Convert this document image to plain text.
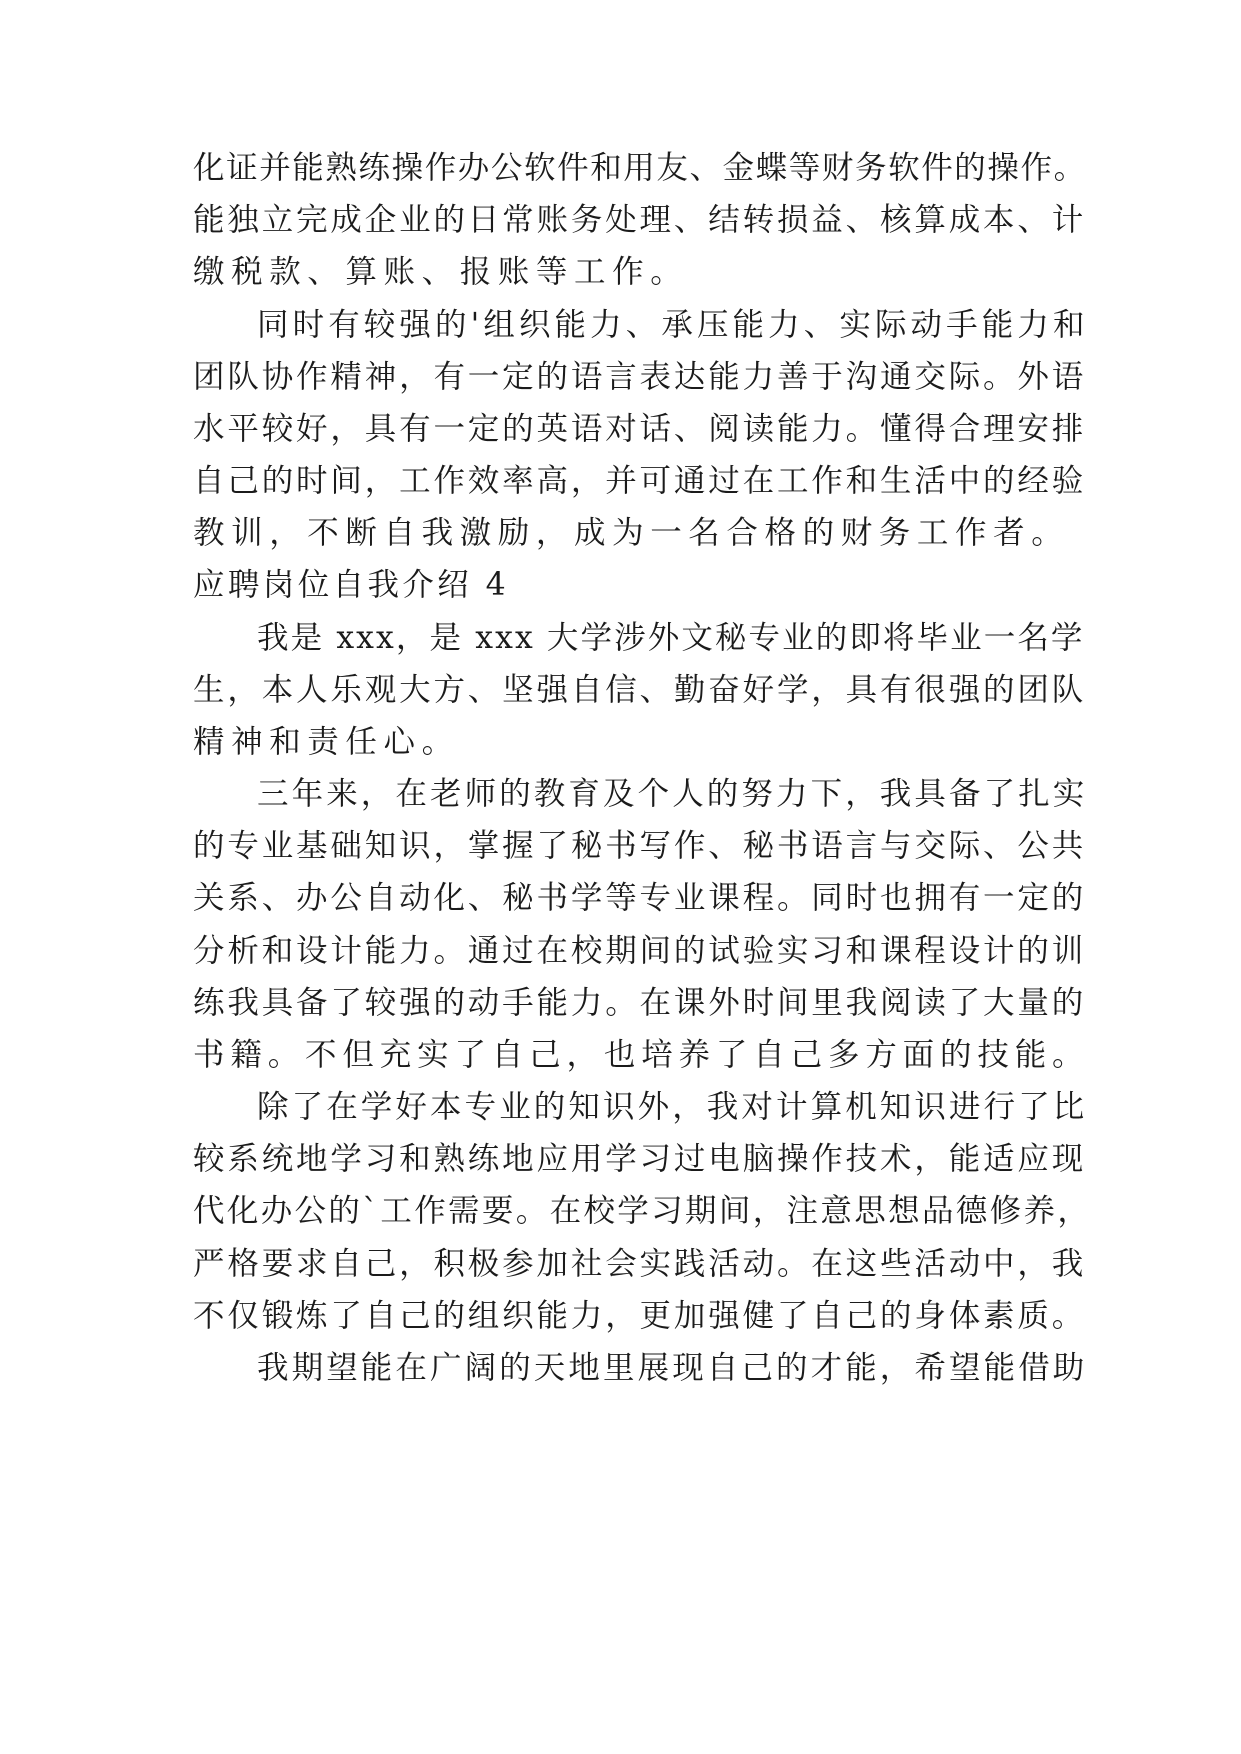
化证并能熟练操作办公软件和用友、金蝶等财务软件的操作。
能独立完成企业的日常账务处理、结转损益、核算成本、计
缴税款、算账、报账等工作。
同时有较强的'组织能力、承压能力、实际动手能力和
团队协作精神，有一定的语言表达能力善于沟通交际。外语
水平较好，具有一定的英语对话、阅读能力。懂得合理安排
自己的时间，工作效率高，并可通过在工作和生活中的经验
教训，不断自我激励，成为一名合格的财务工作者。
应聘岗位自我介绍 4
我是 xxx，是 xxx 大学涉外文秘专业的即将毕业一名学
生，本人乐观大方、坚强自信、勤奋好学，具有很强的团队
精神和责任心。
三年来，在老师的教育及个人的努力下，我具备了扎实
的专业基础知识，掌握了秘书写作、秘书语言与交际、公共
关系、办公自动化、秘书学等专业课程。同时也拥有一定的
分析和设计能力。通过在校期间的试验实习和课程设计的训
练我具备了较强的动手能力。在课外时间里我阅读了大量的
书籍。不但充实了自己，也培养了自己多方面的技能。
除了在学好本专业的知识外，我对计算机知识进行了比
较系统地学习和熟练地应用学习过电脑操作技术，能适应现
代化办公的`工作需要。在校学习期间，注意思想品德修养，
严格要求自己，积极参加社会实践活动。在这些活动中，我
不仅锻炼了自己的组织能力，更加强健了自己的身体素质。
我期望能在广阔的天地里展现自己的才能，希望能借助
